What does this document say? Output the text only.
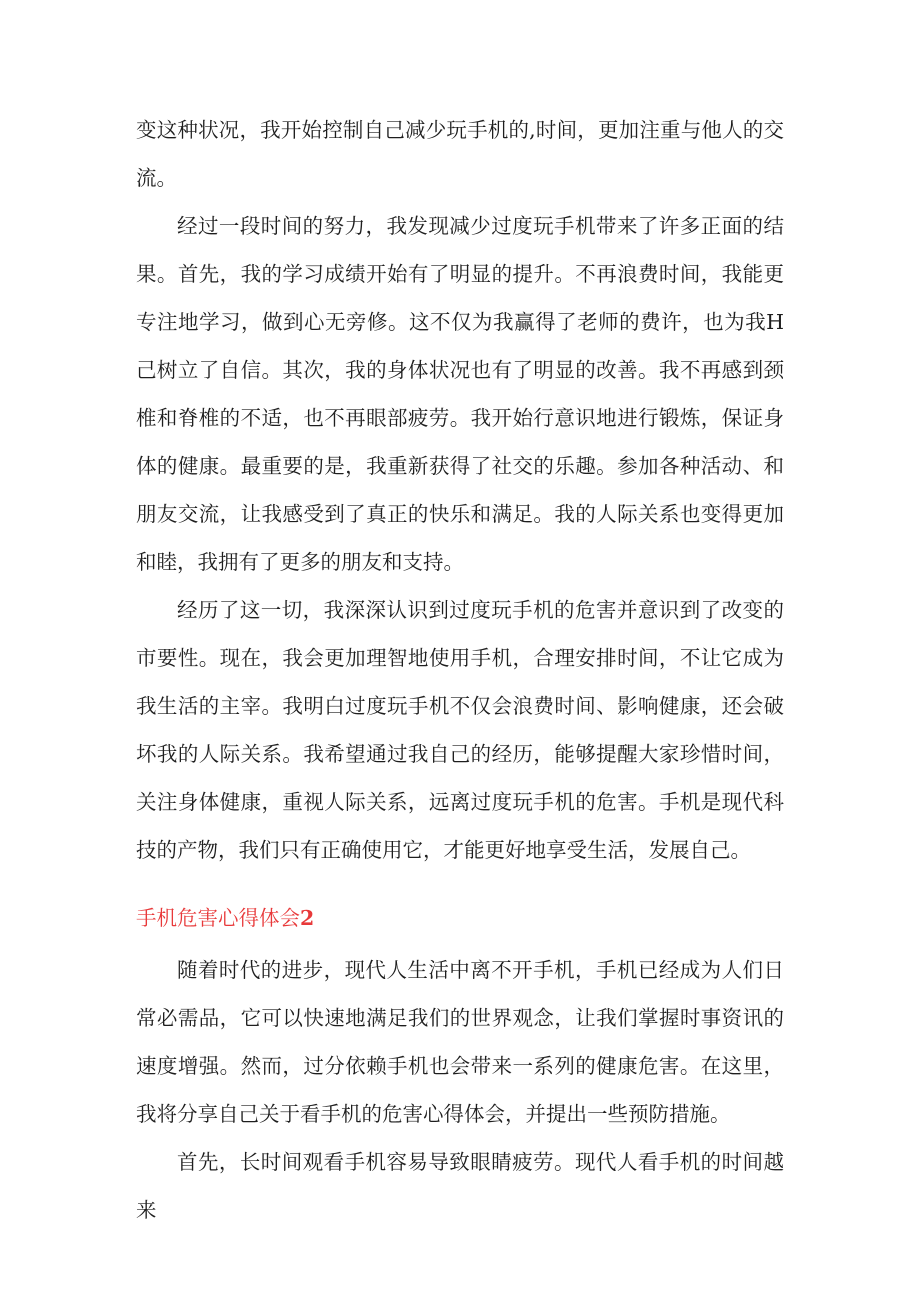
变这种状况，我开始控制自己减少玩手机的,时间，更加注重与他人的交流。

经过一段时间的努力，我发现减少过度玩手机带来了许多正面的结果。首先，我的学习成绩开始有了明显的提升。不再浪费时间，我能更专注地学习，做到心无旁修。这不仅为我赢得了老师的费许，也为我H己树立了自信。其次，我的身体状况也有了明显的改善。我不再感到颈椎和脊椎的不适，也不再眼部疲劳。我开始行意识地进行锻炼，保证身体的健康。最重要的是，我重新获得了社交的乐趣。参加各种活动、和朋友交流，让我感受到了真正的快乐和满足。我的人际关系也变得更加和睦，我拥有了更多的朋友和支持。

经历了这一切，我深深认识到过度玩手机的危害并意识到了改变的市要性。现在，我会更加理智地使用手机，合理安排时间，不让它成为我生活的主宰。我明白过度玩手机不仅会浪费时间、影响健康，还会破坏我的人际关系。我希望通过我自己的经历，能够提醒大家珍惜时间，关注身体健康，重视人际关系，远离过度玩手机的危害。手机是现代科技的产物，我们只有正确使用它，才能更好地享受生活，发展自己。

手机危害心得体会2

随着时代的进步，现代人生活中离不开手机，手机已经成为人们日常必需品，它可以快速地满足我们的世界观念，让我们掌握时事资讯的速度增强。然而，过分依赖手机也会带来一系列的健康危害。在这里，我将分享自己关于看手机的危害心得体会，并提出一些预防措施。

首先，长时间观看手机容易导致眼睛疲劳。现代人看手机的时间越来
